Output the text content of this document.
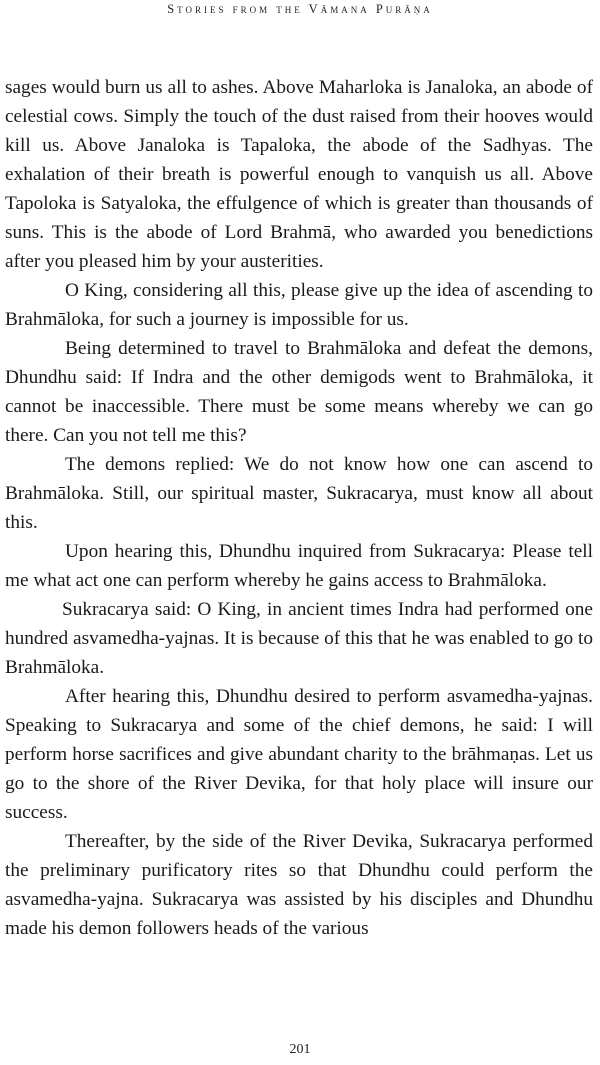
Stories from the Vāmana Purāṇa

sages would burn us all to ashes. Above Maharloka is Janaloka, an abode of celestial cows. Simply the touch of the dust raised from their hooves would kill us. Above Janaloka is Tapaloka, the abode of the Sadhyas. The exhalation of their breath is powerful enough to vanquish us all. Above Tapoloka is Satyaloka, the effulgence of which is greater than thousands of suns. This is the abode of Lord Brahmā, who awarded you benedictions after you pleased him by your austerities.

O King, considering all this, please give up the idea of ascending to Brahmāloka, for such a journey is impossible for us.

Being determined to travel to Brahmāloka and defeat the demons, Dhundhu said: If Indra and the other demigods went to Brahmāloka, it cannot be inaccessible. There must be some means whereby we can go there. Can you not tell me this?

The demons replied: We do not know how one can ascend to Brahmāloka. Still, our spiritual master, Sukracarya, must know all about this.

Upon hearing this, Dhundhu inquired from Sukracarya: Please tell me what act one can perform whereby he gains access to Brahmāloka.

Sukracarya said: O King, in ancient times Indra had performed one hundred asvamedha-yajnas. It is because of this that he was enabled to go to Brahmāloka.

After hearing this, Dhundhu desired to perform asvamedha-yajnas. Speaking to Sukracarya and some of the chief demons, he said: I will perform horse sacrifices and give abundant charity to the brāhmaṇas. Let us go to the shore of the River Devika, for that holy place will insure our success.

Thereafter, by the side of the River Devika, Sukracarya performed the preliminary purificatory rites so that Dhundhu could perform the asvamedha-yajna. Sukracarya was assisted by his disciples and Dhundhu made his demon followers heads of the various

201
